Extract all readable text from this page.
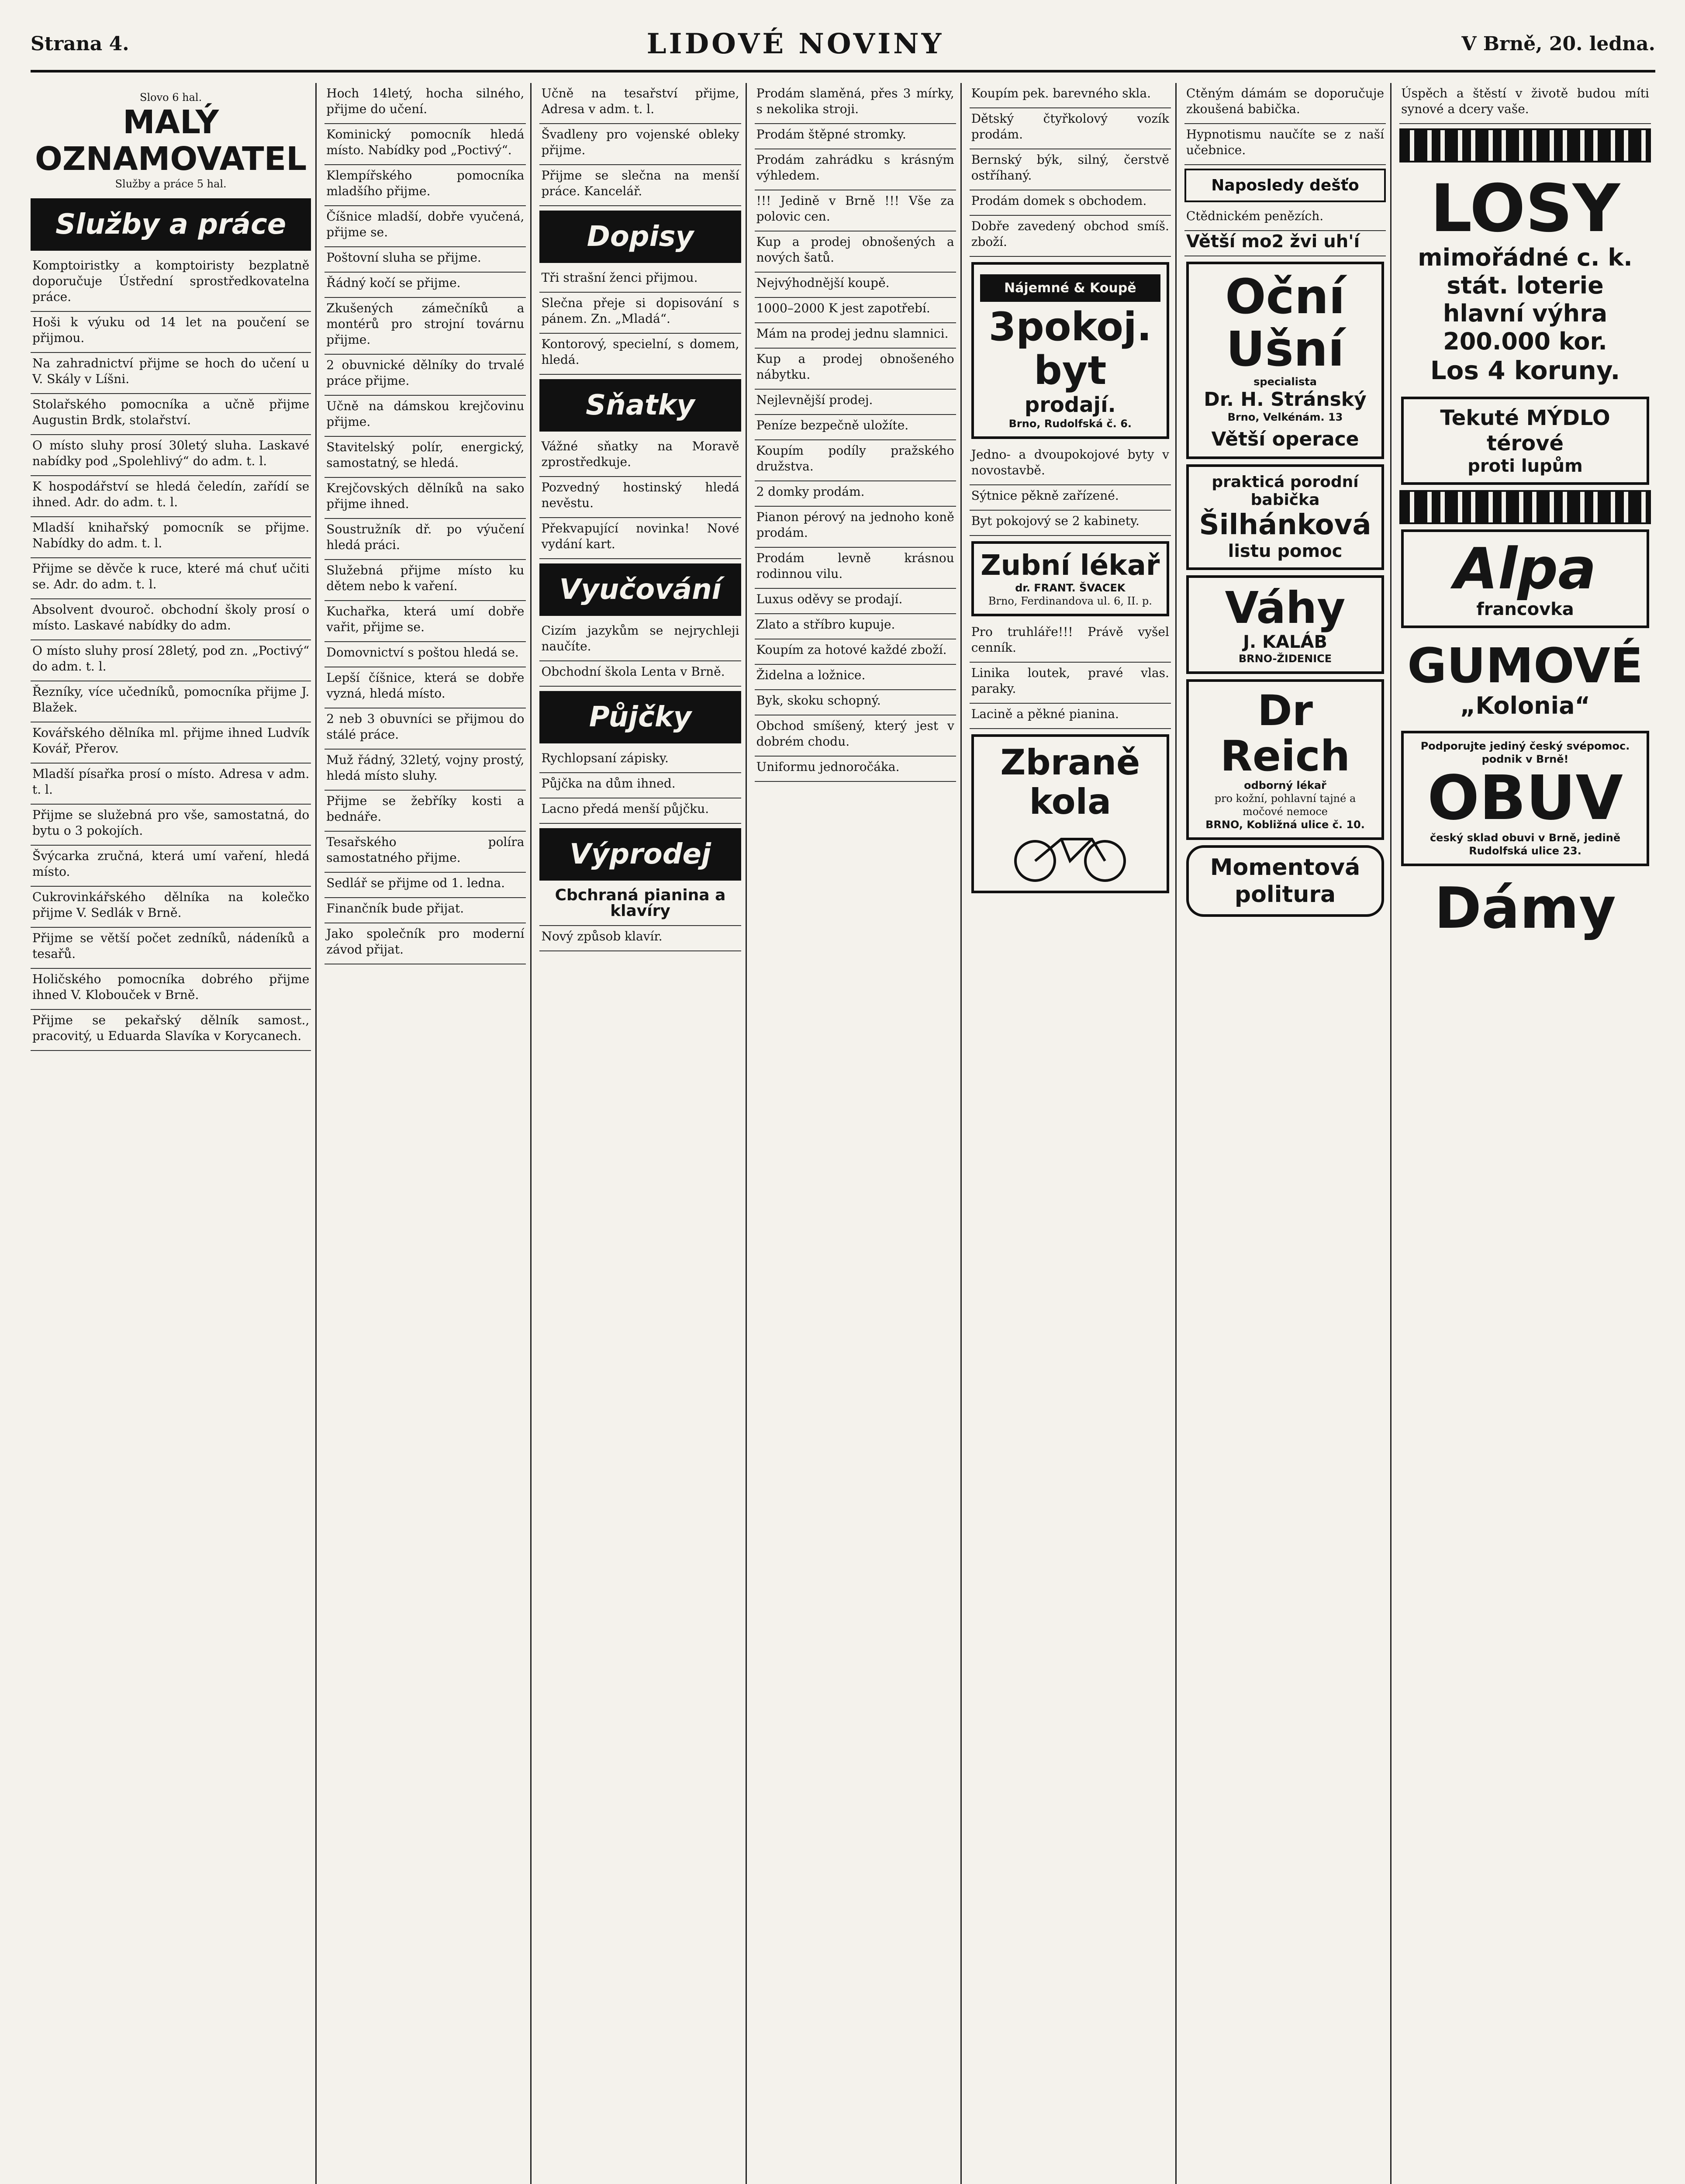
Strana 4.	LIDOVÉ NOVINY	V Brně, 20. ledna.
Slovo 6 hal.
MALÝ OZNAMOVATEL
Služby a práce 5 hal.
Služby a práce
Komptoiristky a komptoiristy bezplatně doporučuje Ústřední sprostředkovatelna práce.
Hoši k výuku od 14 let na poučení se přijmou.
Na zahradnictví přijme se hoch do učení u V. Skály v Líšni.
Stolařského pomocníka a učně přijme Augustin Brdk, stolařství.
O místo sluhy prosí 30letý sluha. Laskavé nabídky pod „Spolehlivý“ do adm. t. l.
K hospodářství se hledá čeledín, zařídí se ihned. Adr. do adm. t. l.
Mladší knihařský pomocník se přijme. Nabídky do adm. t. l.
Přijme se děvče k ruce, které má chuť učiti se. Adr. do adm. t. l.
Absolvent dvouroč. obchodní školy prosí o místo. Laskavé nabídky do adm.
O místo sluhy prosí 28letý, pod zn. „Poctivý“ do adm. t. l.
Řezníky, více učedníků, pomocníka přijme J. Blažek.
Kovářského dělníka ml. přijme ihned Ludvík Kovář, Přerov.
Mladší písařka prosí o místo. Adresa v adm. t. l.
Přijme se služebná pro vše, samostatná, do bytu o 3 pokojích.
Švýcarka zručná, která umí vaření, hledá místo.
Cukrovinkářského dělníka na kolečko přijme V. Sedlák v Brně.
Přijme se větší počet zedníků, nádeníků a tesařů.
Holičského pomocníka dobrého přijme ihned V. Klobouček v Brně.
Přijme se pekařský dělník samost., pracovitý, u Eduarda Slavíka v Korycanech.
Hoch 14letý, hocha silného, přijme do učení.
Kominický pomocník hledá místo. Nabídky pod „Poctivý“.
Klempířského pomocníka mladšího přijme.
Číšnice mladší, dobře vyučená, přijme se.
Poštovní sluha se přijme.
Řádný kočí se přijme.
Zkušených zámečníků a montérů pro strojní továrnu přijme.
2 obuvnické dělníky do trvalé práce přijme.
Učně na dámskou krejčovinu přijme.
Stavitelský polír, energický, samostatný, se hledá.
Krejčovských dělníků na sako přijme ihned.
Soustružník dř. po výučení hledá práci.
Služebná přijme místo ku dětem nebo k vaření.
Kuchařka, která umí dobře vařit, přijme se.
Domovnictví s poštou hledá se.
Lepší číšnice, která se dobře vyzná, hledá místo.
2 neb 3 obuvníci se přijmou do stálé práce.
Muž řádný, 32letý, vojny prostý, hledá místo sluhy.
Přijme se žebříky kosti a bednáře.
Tesařského políra samostatného přijme.
Sedlář se přijme od 1. ledna.
Finančník bude přijat.
Jako společník pro moderní závod přijat.
Učně na tesařství přijme, Adresa v adm. t. l.
Švadleny pro vojenské obleky přijme.
Přijme se slečna na menší práce. Kancelář.
Dopisy
Tři strašní ženci přijmou.
Slečna přeje si dopisování s pánem. Zn. „Mladá“.
Kontorový, specielní, s domem, hledá.
Sňatky
Vážné sňatky na Moravě zprostředkuje.
Pozvedný hostinský hledá nevěstu.
Překvapující novinka! Nové vydání kart.
Vyučování
Cizím jazykům se nejrychleji naučíte.
Obchodní škola Lenta v Brně.
Půjčky
Rychlopsaní zápisky.
Půjčka na dům ihned.
Lacno předá menší půjčku.
Výprodej
Cbchraná pianina a klavíry
Nový způsob klavír.
Prodám slaměná, přes 3 mírky, s nekolika stroji.
Prodám štěpné stromky.
Prodám zahrádku s krásným výhledem.
!!! Jedině v Brně !!! Vše za polovic cen.
Kup a prodej obnošených a nových šatů.
Nejvýhodnější koupě.
1000–2000 K jest zapotřebí.
Mám na prodej jednu slamnici.
Kup a prodej obnošeného nábytku.
Nejlevnější prodej.
Peníze bezpečně uložíte.
Koupím podíly pražského družstva.
2 domky prodám.
Pianon pérový na jednoho koně prodám.
Prodám levně krásnou rodinnou vilu.
Luxus oděvy se prodají.
Zlato a stříbro kupuje.
Koupím za hotové každé zboží.
Židelna a ložnice.
Byk, skoku schopný.
Obchod smíšený, který jest v dobrém chodu.
Uniformu jednoročáka.
Koupím pek. barevného skla.
Dětský čtyřkolový vozík prodám.
Bernský býk, silný, čerstvě ostříhaný.
Prodám domek s obchodem.
Dobře zavedený obchod smíš. zboží.
Nájemné & Koupě
3pokoj. byt
prodají.
Brno, Rudolfská č. 6.
Jedno- a dvoupokojové byty v novostavbě.
Sýtnice pěkně zařízené.
Byt pokojový se 2 kabinety.
Zubní lékař
dr. FRANT. ŠVACEK
Brno, Ferdinandova ul. 6, II. p.
Pro truhláře!!! Právě vyšel cenník.
Linika loutek, pravé vlas. paraky.
Lacině a pěkné pianina.
Zbraně kola
Ctěným dámám se doporučuje zkoušená babička.
Hypnotismu naučíte se z naší učebnice.
Naposledy dešťo
Ctědnickém penězích.
Větší mo2 žvi uh'í
Oční Ušní
specialista
Dr. H. Stránský
Brno, Velkénám. 13
Větší operace
prakticá porodní babička
Šilhánková
listu pomoc
Váhy
J. KALÁB
BRNO-ŽIDENICE
Dr Reich
odborný lékař
pro kožní, pohlavní tajné a močové nemoce
BRNO, Kobližná ulice č. 10.
Momentová politura
Úspěch a štěstí v životě budou míti synové a dcery vaše.
LOSY
mimořádné c. k. stát. loterie
hlavní výhra 200.000 kor.
Los 4 koruny.
Tekuté MÝDLO térové
proti lupům
Alpa
francovka
GUMOVÉ
„Kolonia“
Podporujte jediný český svépomoc. podnik v Brně!
OBUV
český sklad obuvi v Brně, jedině Rudolfská ulice 23.
Dámy
